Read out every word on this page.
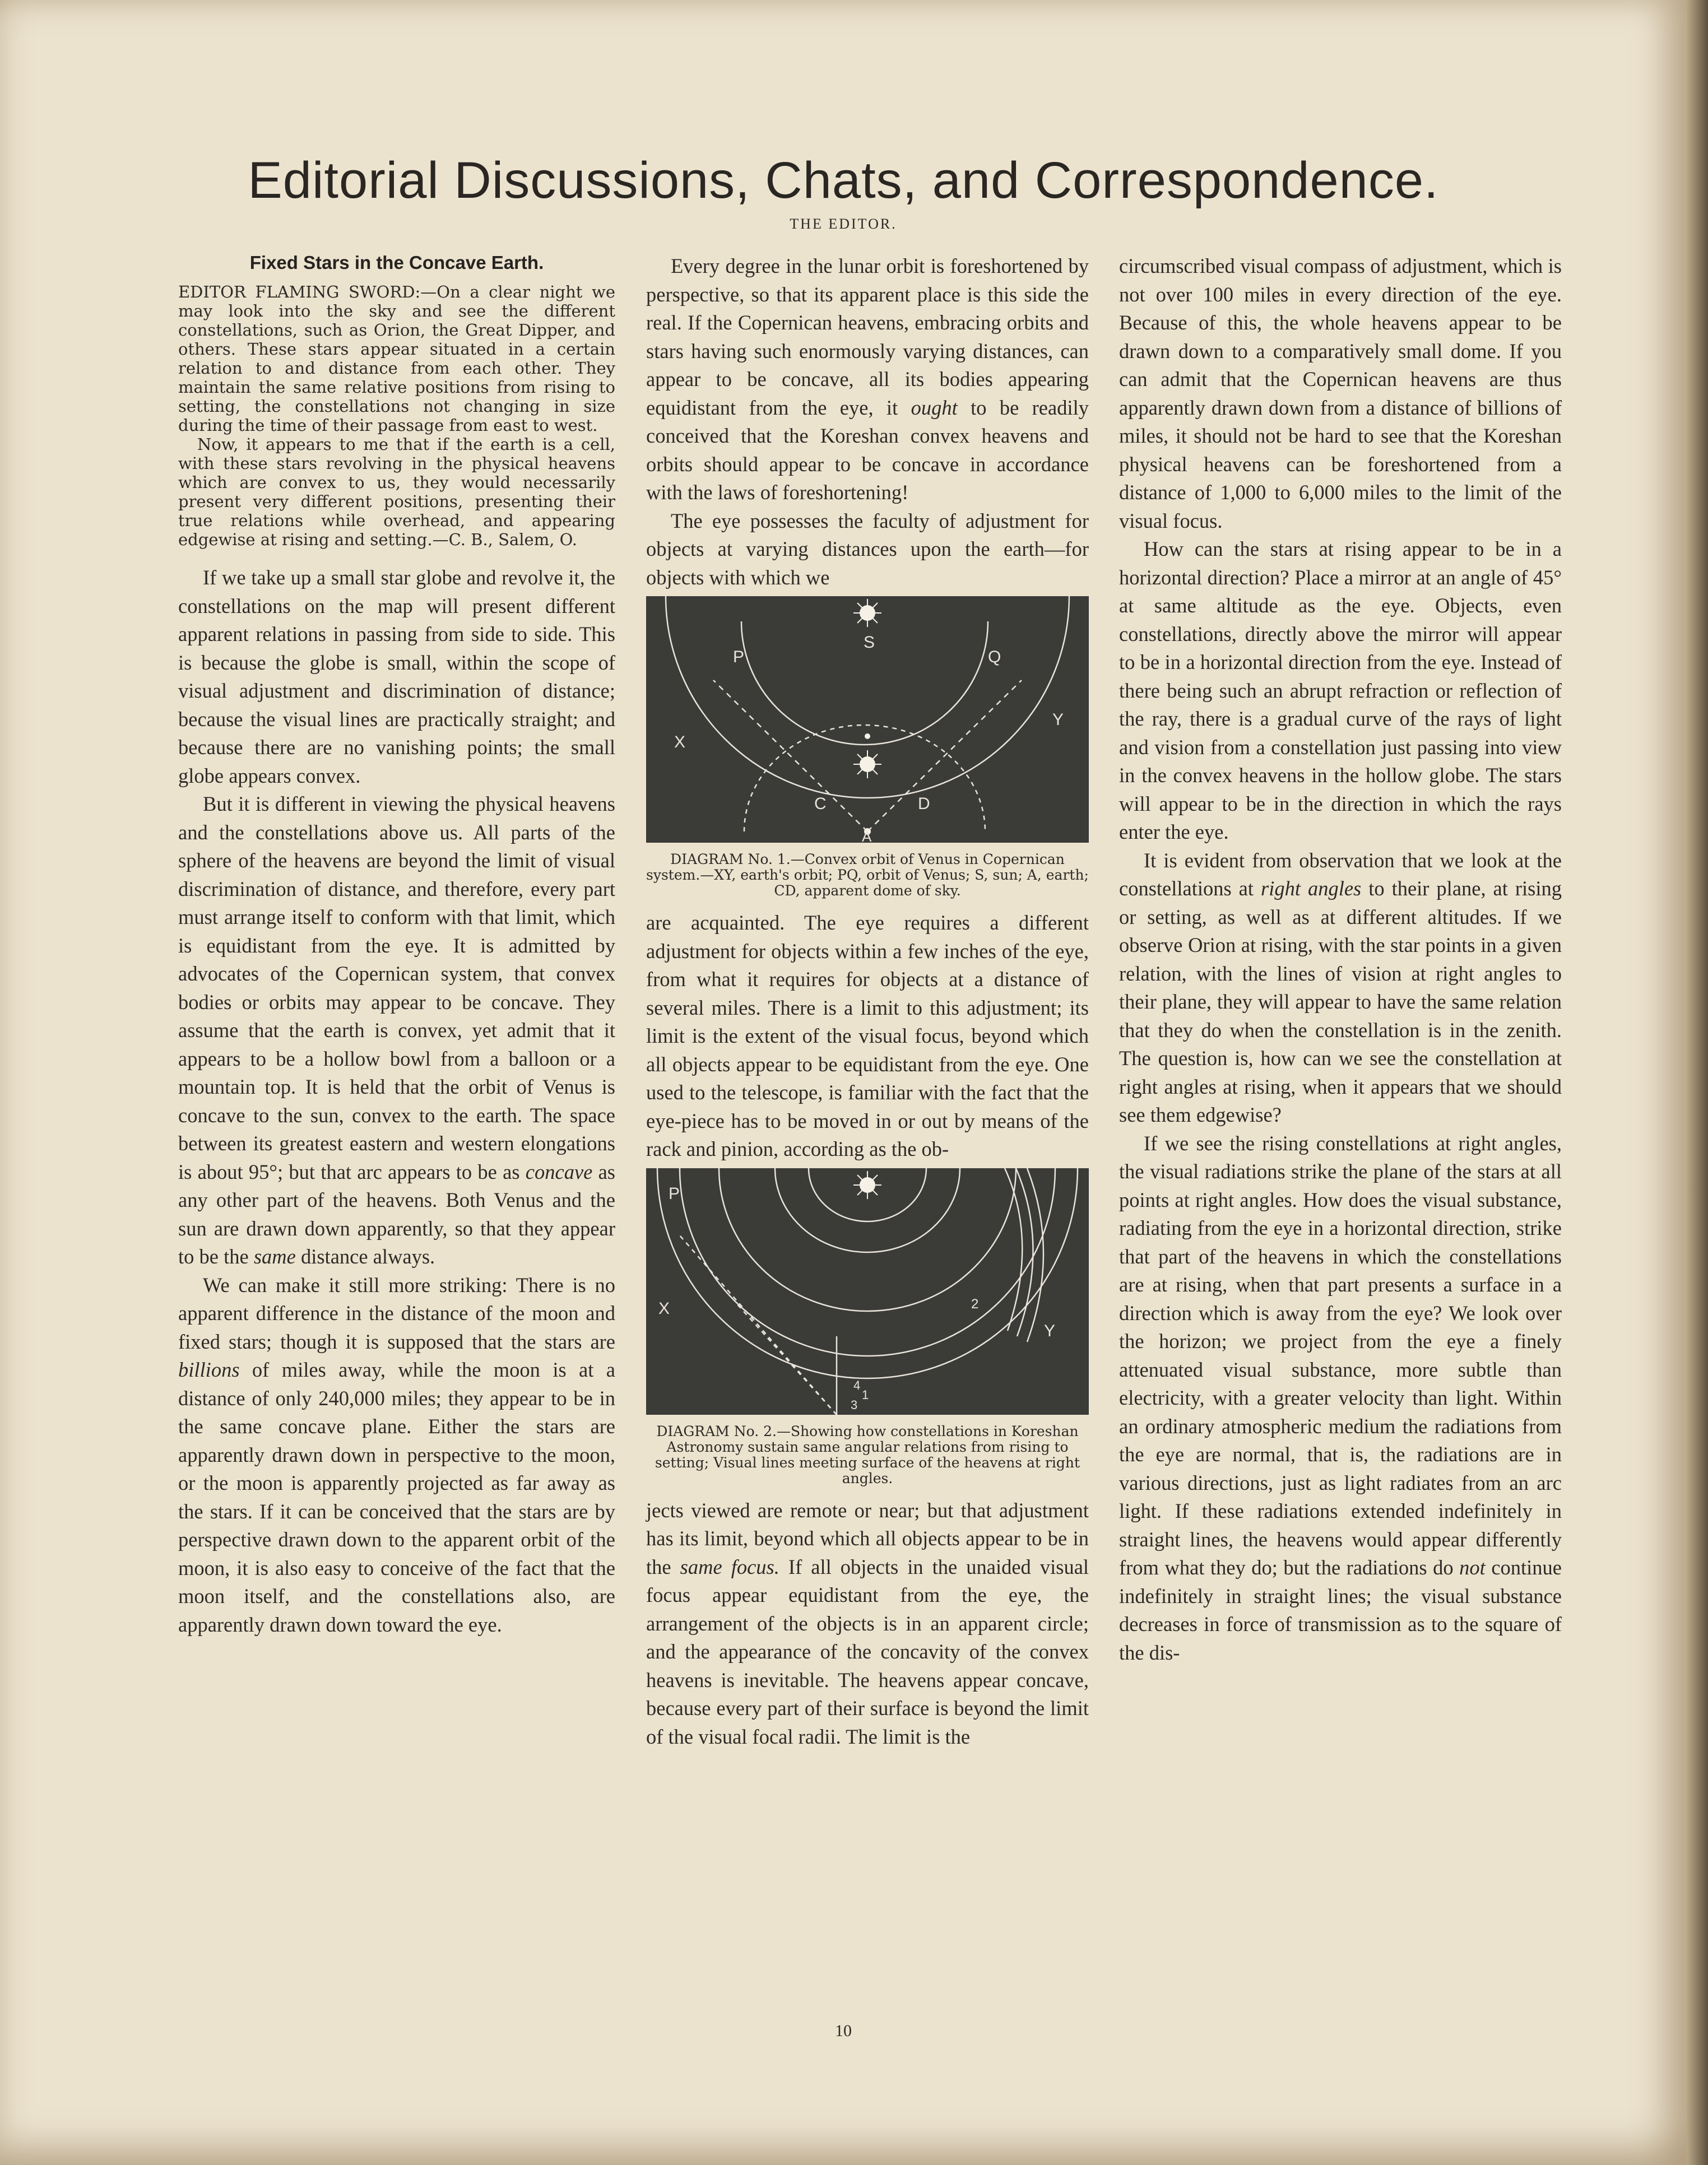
Editorial Discussions, Chats, and Correspondence.
THE EDITOR.
Fixed Stars in the Concave Earth.

EDITOR FLAMING SWORD:—On a clear night we may look into the sky and see the different constellations, such as Orion, the Great Dipper, and others. These stars appear situated in a certain relation to and distance from each other. They maintain the same relative positions from rising to setting, the constellations not changing in size during the time of their passage from east to west.

Now, it appears to me that if the earth is a cell, with these stars revolving in the physical heavens which are convex to us, they would necessarily present very different positions, presenting their true relations while overhead, and appearing edgewise at rising and setting.—C. B., Salem, O.

If we take up a small star globe and revolve it, the constellations on the map will present different apparent relations in passing from side to side. This is because the globe is small, within the scope of visual adjustment and discrimination of distance; because the visual lines are practically straight; and because there are no vanishing points; the small globe appears convex.

But it is different in viewing the physical heavens and the constellations above us. All parts of the sphere of the heavens are beyond the limit of visual discrimination of distance, and therefore, every part must arrange itself to conform with that limit, which is equidistant from the eye. It is admitted by advocates of the Copernican system, that convex bodies or orbits may appear to be concave. They assume that the earth is convex, yet admit that it appears to be a hollow bowl from a balloon or a mountain top. It is held that the orbit of Venus is concave to the sun, convex to the earth. The space between its greatest eastern and western elongations is about 95°; but that arc appears to be as concave as any other part of the heavens. Both Venus and the sun are drawn down apparently, so that they appear to be the same distance always.

We can make it still more striking: There is no apparent difference in the distance of the moon and fixed stars; though it is supposed that the stars are billions of miles away, while the moon is at a distance of only 240,000 miles; they appear to be in the same concave plane. Either the stars are apparently drawn down in perspective to the moon, or the moon is apparently projected as far away as the stars. If it can be conceived that the stars are by perspective drawn down to the apparent orbit of the moon, it is also easy to conceive of the fact that the moon itself, and the constellations also, are apparently drawn down toward the eye.

Every degree in the lunar orbit is foreshortened by perspective, so that its apparent place is this side the real. If the Copernican heavens, embracing orbits and stars having such enormously varying distances, can appear to be concave, all its bodies appearing equidistant from the eye, it ought to be readily conceived that the Koreshan convex heavens and orbits should appear to be concave in accordance with the laws of foreshortening!

The eye possesses the faculty of adjustment for objects at varying distances upon the earth—for objects with which we

S
P	Q
X
Y
C	D
A

DIAGRAM No. 1.—Convex orbit of Venus in Copernican system.—XY, earth's orbit; PQ, orbit of Venus; S, sun; A, earth; CD, apparent dome of sky.

are acquainted. The eye requires a different adjustment for objects within a few inches of the eye, from what it requires for objects at a distance of several miles. There is a limit to this adjustment; its limit is the extent of the visual focus, beyond which all objects appear to be equidistant from the eye. One used to the telescope, is familiar with the fact that the eye-piece has to be moved in or out by means of the rack and pinion, according as the ob-

P
X
Y
2
3
4
1

DIAGRAM No. 2.—Showing how constellations in Koreshan Astronomy sustain same angular relations from rising to setting; Visual lines meeting surface of the heavens at right angles.

jects viewed are remote or near; but that adjustment has its limit, beyond which all objects appear to be in the same focus. If all objects in the unaided visual focus appear equidistant from the eye, the arrangement of the objects is in an apparent circle; and the appearance of the concavity of the convex heavens is inevitable. The heavens appear concave, because every part of their surface is beyond the limit of the visual focal radii. The limit is the

circumscribed visual compass of adjustment, which is not over 100 miles in every direction of the eye. Because of this, the whole heavens appear to be drawn down to a comparatively small dome. If you can admit that the Copernican heavens are thus apparently drawn down from a distance of billions of miles, it should not be hard to see that the Koreshan physical heavens can be foreshortened from a distance of 1,000 to 6,000 miles to the limit of the visual focus.

How can the stars at rising appear to be in a horizontal direction? Place a mirror at an angle of 45° at same altitude as the eye. Objects, even constellations, directly above the mirror will appear to be in a horizontal direction from the eye. Instead of there being such an abrupt refraction or reflection of the ray, there is a gradual curve of the rays of light and vision from a constellation just passing into view in the convex heavens in the hollow globe. The stars will appear to be in the direction in which the rays enter the eye.

It is evident from observation that we look at the constellations at right angles to their plane, at rising or setting, as well as at different altitudes. If we observe Orion at rising, with the star points in a given relation, with the lines of vision at right angles to their plane, they will appear to have the same relation that they do when the constellation is in the zenith. The question is, how can we see the constellation at right angles at rising, when it appears that we should see them edgewise?

If we see the rising constellations at right angles, the visual radiations strike the plane of the stars at all points at right angles. How does the visual substance, radiating from the eye in a horizontal direction, strike that part of the heavens in which the constellations are at rising, when that part presents a surface in a direction which is away from the eye? We look over the horizon; we project from the eye a finely attenuated visual substance, more subtle than electricity, with a greater velocity than light. Within an ordinary atmospheric medium the radiations from the eye are normal, that is, the radiations are in various directions, just as light radiates from an arc light. If these radiations extended indefinitely in straight lines, the heavens would appear differently from what they do; but the radiations do not continue indefinitely in straight lines; the visual substance decreases in force of transmission as to the square of the dis-

10
